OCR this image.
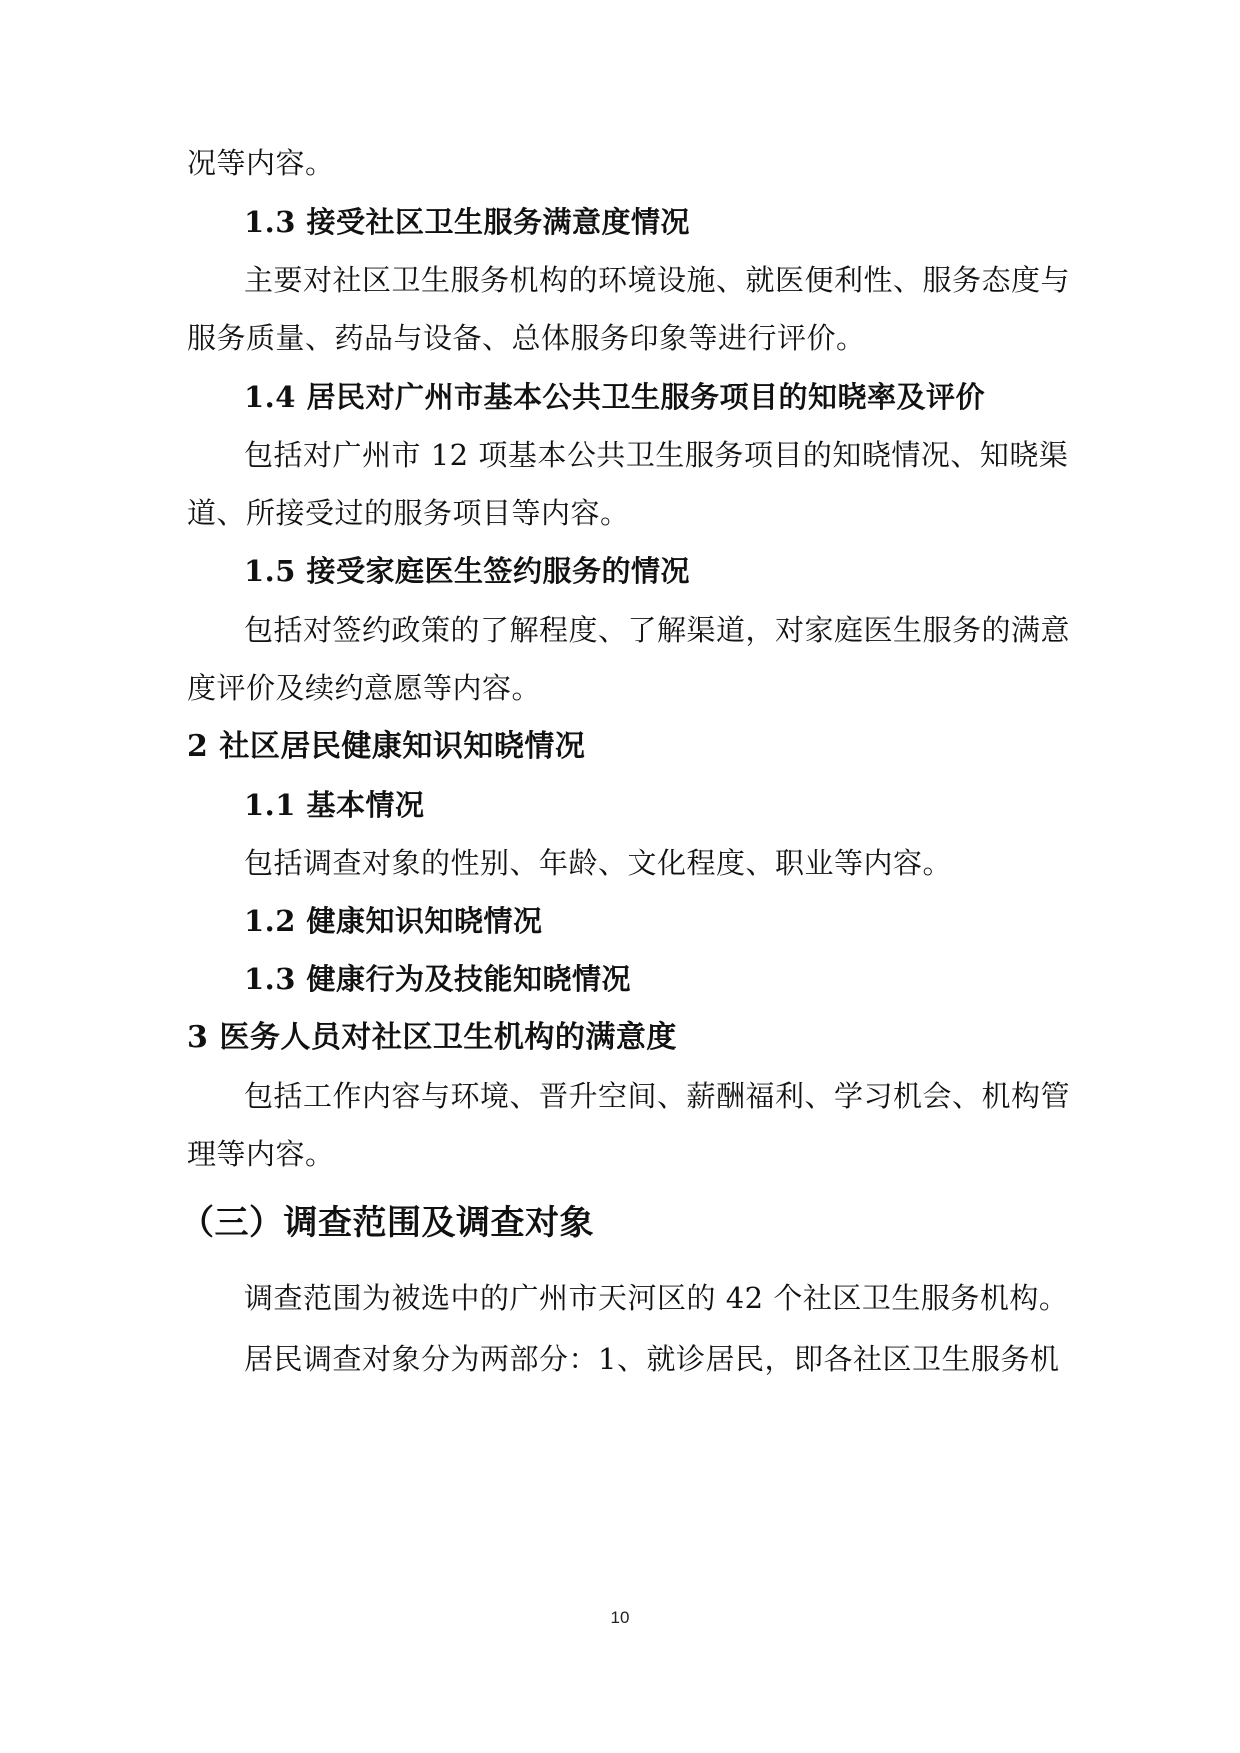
况等内容。
1.3 接受社区卫生服务满意度情况
主要对社区卫生服务机构的环境设施、就医便利性、服务态度与
服务质量、药品与设备、总体服务印象等进行评价。
1.4 居民对广州市基本公共卫生服务项目的知晓率及评价
包括对广州市 12 项基本公共卫生服务项目的知晓情况、知晓渠
道、所接受过的服务项目等内容。
1.5 接受家庭医生签约服务的情况
包括对签约政策的了解程度、了解渠道，对家庭医生服务的满意
度评价及续约意愿等内容。
2 社区居民健康知识知晓情况
1.1 基本情况
包括调查对象的性别、年龄、文化程度、职业等内容。
1.2 健康知识知晓情况
1.3 健康行为及技能知晓情况
3 医务人员对社区卫生机构的满意度
包括工作内容与环境、晋升空间、薪酬福利、学习机会、机构管
理等内容。
（三）调查范围及调查对象
调查范围为被选中的广州市天河区的 42 个社区卫生服务机构。
居民调查对象分为两部分：1、就诊居民，即各社区卫生服务机
10
